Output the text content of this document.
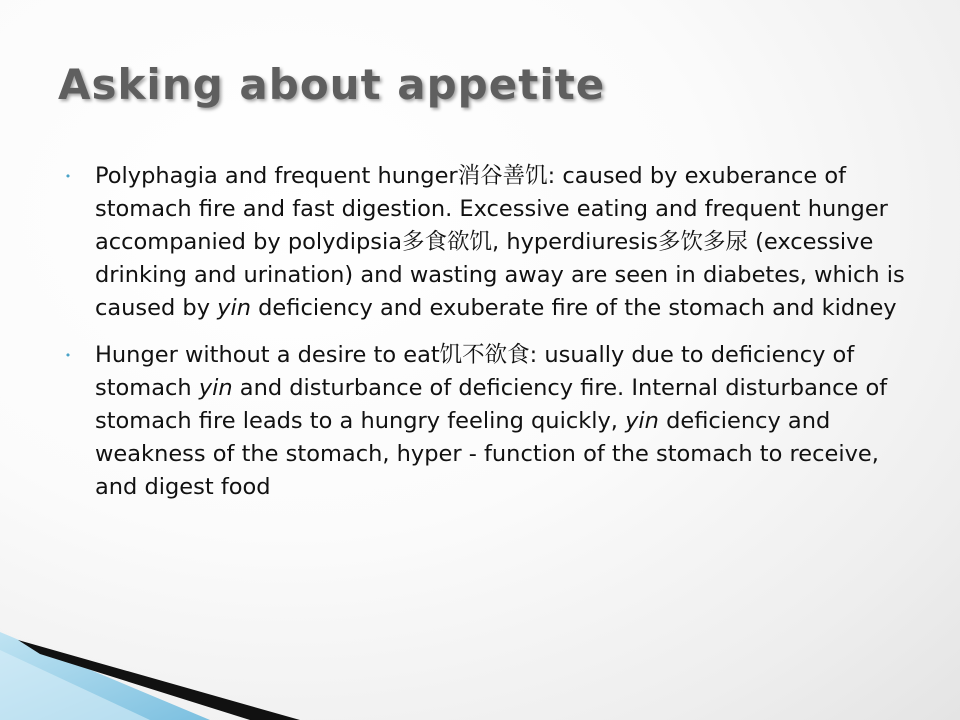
Asking about appetite
•	Polyphagia and frequent hunger消谷善饥: caused by exuberance of stomach fire and fast digestion. Excessive eating and frequent hunger accompanied by polydipsia多食欲饥, hyperdiuresis多饮多尿 (excessive drinking and urination) and wasting away are seen in diabetes, which is caused by yin deficiency and exuberate fire of the stomach and kidney
•	Hunger without a desire to eat饥不欲食: usually due to deficiency of stomach yin and disturbance of deficiency fire. Internal disturbance of stomach fire leads to a hungry feeling quickly, yin deficiency and weakness of the stomach, hyper - function of the stomach to receive, and digest food
